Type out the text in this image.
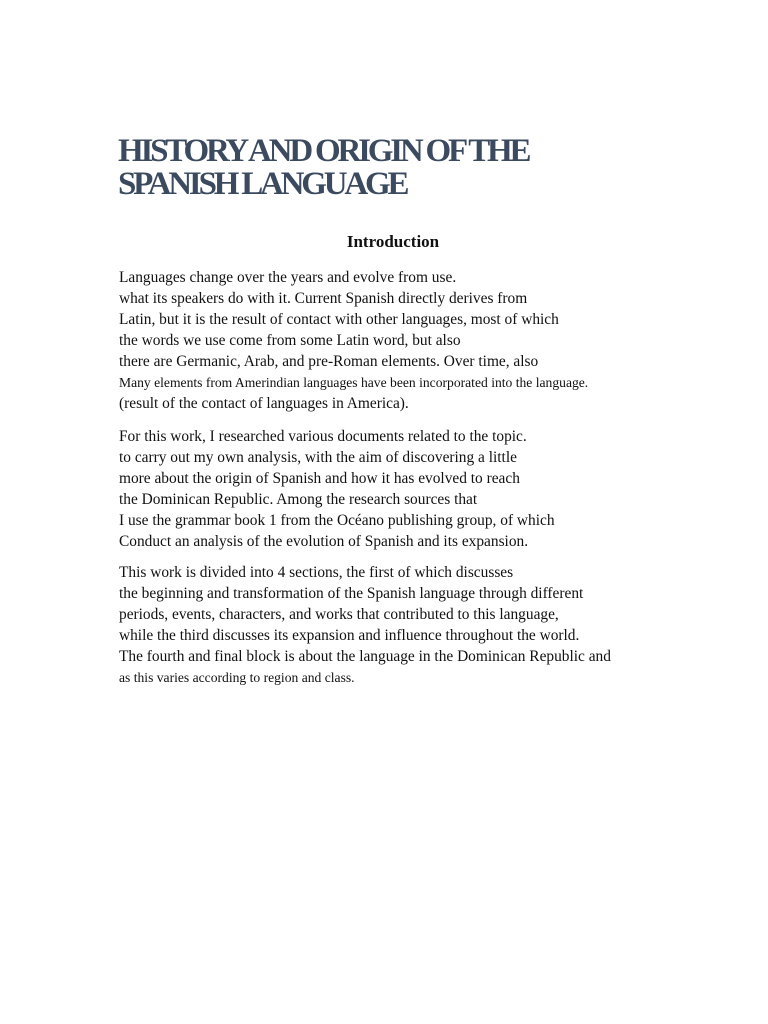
HISTORY AND ORIGIN OF THE
SPANISH LANGUAGE
Introduction

Languages change over the years and evolve from use.
what its speakers do with it. Current Spanish directly derives from
Latin, but it is the result of contact with other languages, most of which
the words we use come from some Latin word, but also
there are Germanic, Arab, and pre-Roman elements. Over time, also
Many elements from Amerindian languages have been incorporated into the language.
(result of the contact of languages in America).

For this work, I researched various documents related to the topic.
to carry out my own analysis, with the aim of discovering a little
more about the origin of Spanish and how it has evolved to reach
the Dominican Republic. Among the research sources that
I use the grammar book 1 from the Océano publishing group, of which
Conduct an analysis of the evolution of Spanish and its expansion.

This work is divided into 4 sections, the first of which discusses
the beginning and transformation of the Spanish language through different
periods, events, characters, and works that contributed to this language,
while the third discusses its expansion and influence throughout the world.
The fourth and final block is about the language in the Dominican Republic and
as this varies according to region and class.
